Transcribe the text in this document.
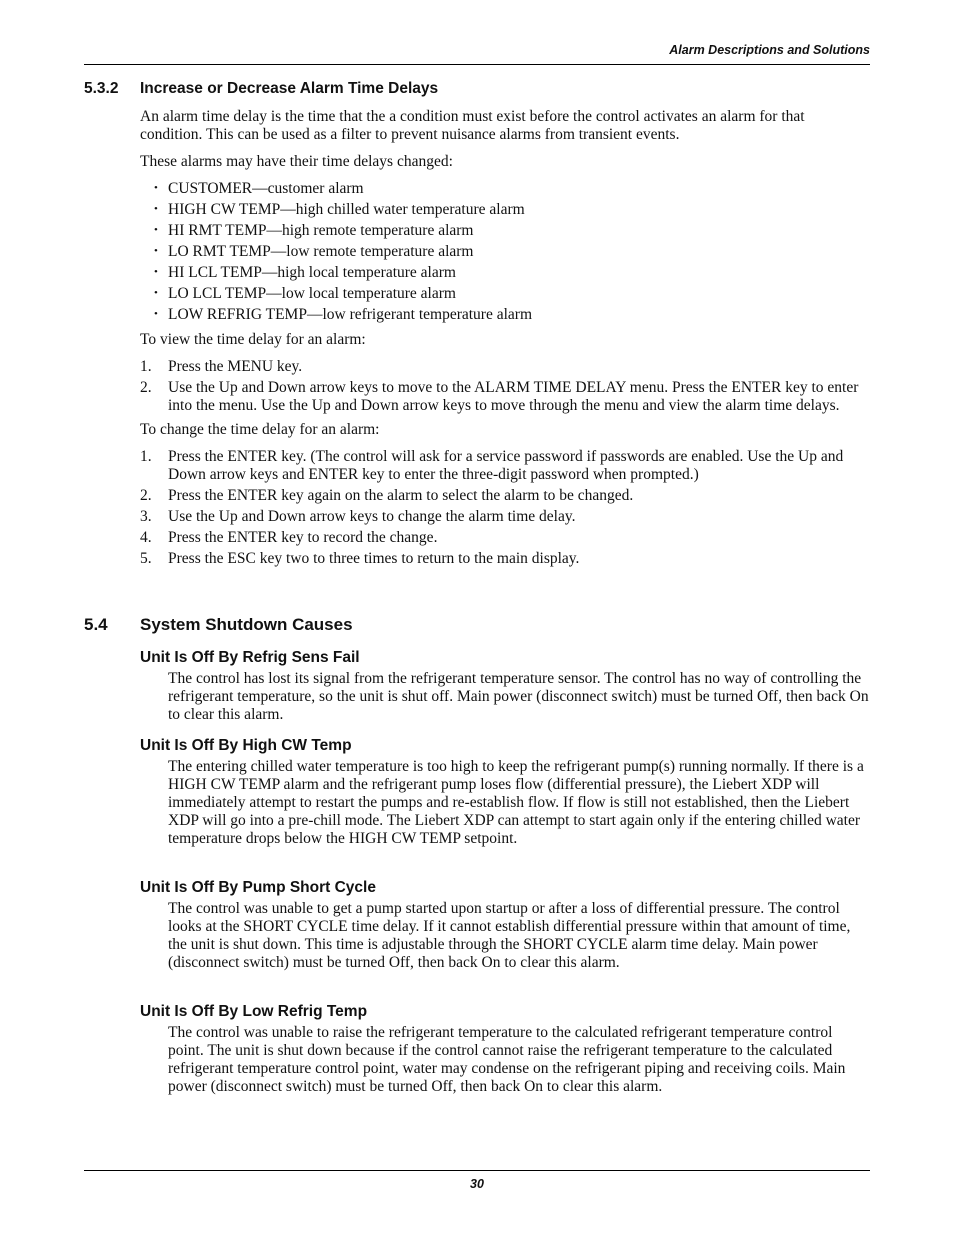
Alarm Descriptions and Solutions
5.3.2 Increase or Decrease Alarm Time Delays

An alarm time delay is the time that the a condition must exist before the control activates an alarm for that condition. This can be used as a filter to prevent nuisance alarms from transient events.

These alarms may have their time delays changed:

• CUSTOMER—customer alarm
• HIGH CW TEMP—high chilled water temperature alarm
• HI RMT TEMP—high remote temperature alarm
• LO RMT TEMP—low remote temperature alarm
• HI LCL TEMP—high local temperature alarm
• LO LCL TEMP—low local temperature alarm
• LOW REFRIG TEMP—low refrigerant temperature alarm

To view the time delay for an alarm:

1. Press the MENU key.
2. Use the Up and Down arrow keys to move to the ALARM TIME DELAY menu. Press the ENTER key to enter into the menu. Use the Up and Down arrow keys to move through the menu and view the alarm time delays.

To change the time delay for an alarm:

1. Press the ENTER key. (The control will ask for a service password if passwords are enabled. Use the Up and Down arrow keys and ENTER key to enter the three-digit password when prompted.)
2. Press the ENTER key again on the alarm to select the alarm to be changed.
3. Use the Up and Down arrow keys to change the alarm time delay.
4. Press the ENTER key to record the change.
5. Press the ESC key two to three times to return to the main display.
5.4 System Shutdown Causes
Unit Is Off By Refrig Sens Fail
The control has lost its signal from the refrigerant temperature sensor. The control has no way of controlling the refrigerant temperature, so the unit is shut off. Main power (disconnect switch) must be turned Off, then back On to clear this alarm.
Unit Is Off By High CW Temp
The entering chilled water temperature is too high to keep the refrigerant pump(s) running normally. If there is a HIGH CW TEMP alarm and the refrigerant pump loses flow (differential pressure), the Liebert XDP will immediately attempt to restart the pumps and re-establish flow. If flow is still not established, then the Liebert XDP will go into a pre-chill mode. The Liebert XDP can attempt to start again only if the entering chilled water temperature drops below the HIGH CW TEMP setpoint.
Unit Is Off By Pump Short Cycle
The control was unable to get a pump started upon startup or after a loss of differential pressure. The control looks at the SHORT CYCLE time delay. If it cannot establish differential pressure within that amount of time, the unit is shut down. This time is adjustable through the SHORT CYCLE alarm time delay. Main power (disconnect switch) must be turned Off, then back On to clear this alarm.
Unit Is Off By Low Refrig Temp
The control was unable to raise the refrigerant temperature to the calculated refrigerant temperature control point. The unit is shut down because if the control cannot raise the refrigerant temperature to the calculated refrigerant temperature control point, water may condense on the refrigerant piping and receiving coils. Main power (disconnect switch) must be turned Off, then back On to clear this alarm.
30
